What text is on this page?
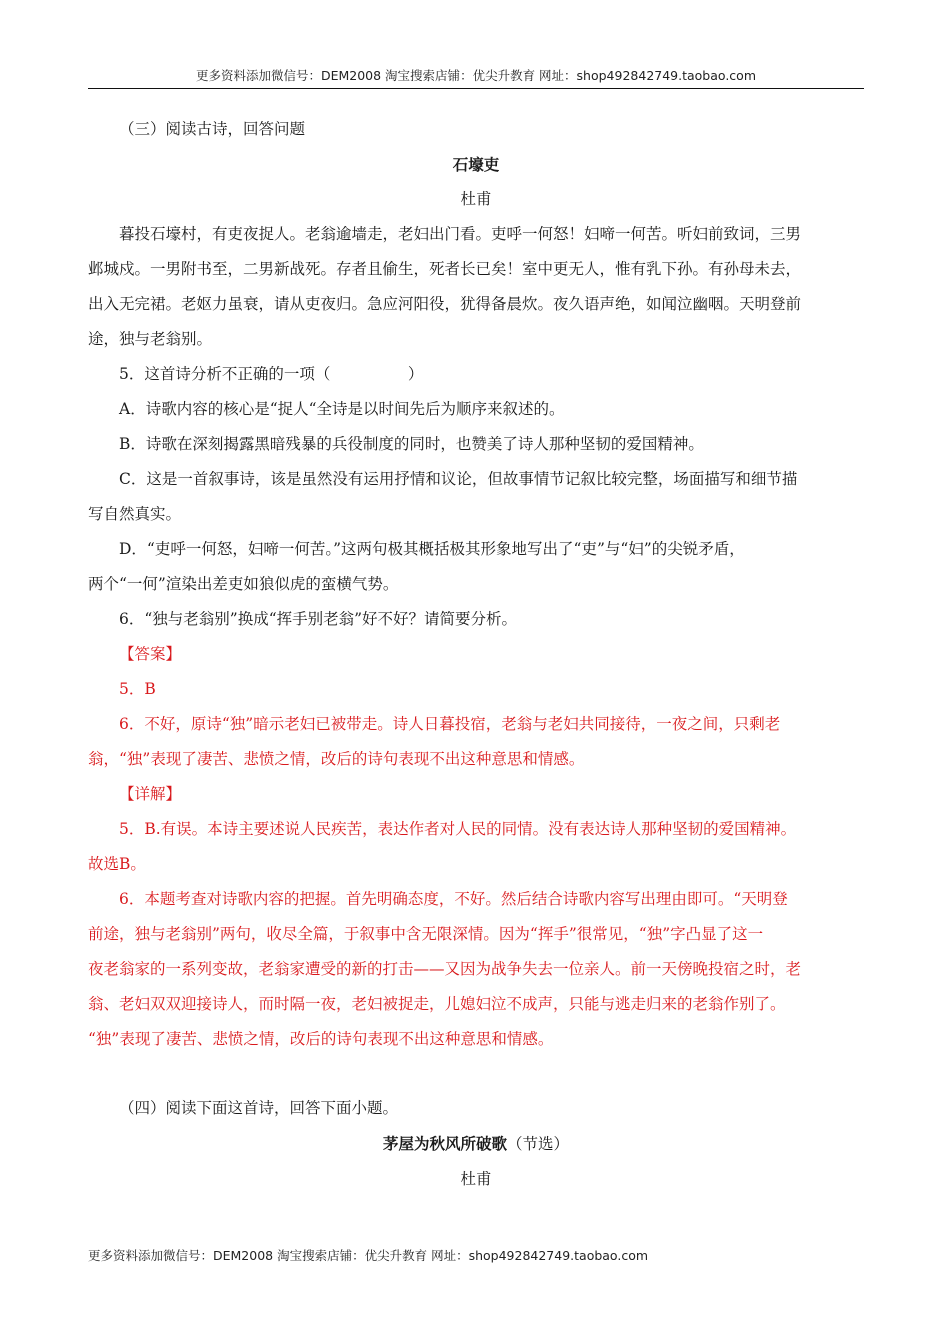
更多资料添加微信号：DEM2008 淘宝搜索店铺：优尖升教育 网址：shop492842749.taobao.com

（三）阅读古诗，回答问题

石壕吏

杜甫

暮投石壕村，有吏夜捉人。老翁逾墙走，老妇出门看。吏呼一何怒！妇啼一何苦。听妇前致词，三男

邺城戍。一男附书至，二男新战死。存者且偷生，死者长已矣！室中更无人，惟有乳下孙。有孙母未去，

出入无完裙。老妪力虽衰，请从吏夜归。急应河阳役，犹得备晨炊。夜久语声绝，如闻泣幽咽。天明登前

途，独与老翁别。

5．这首诗分析不正确的一项（　　　　　）

A．诗歌内容的核心是“捉人“全诗是以时间先后为顺序来叙述的。

B．诗歌在深刻揭露黑暗残暴的兵役制度的同时，也赞美了诗人那种坚韧的爱国精神。

C．这是一首叙事诗，该是虽然没有运用抒情和议论，但故事情节记叙比较完整，场面描写和细节描

写自然真实。

D．“吏呼一何怒，妇啼一何苦。”这两句极其概括极其形象地写出了“吏”与“妇”的尖锐矛盾，

两个“一何”渲染出差吏如狼似虎的蛮横气势。

6．“独与老翁别”换成“挥手别老翁”好不好？请简要分析。

【答案】

5．B

6．不好，原诗“独”暗示老妇已被带走。诗人日暮投宿，老翁与老妇共同接待，一夜之间，只剩老

翁，“独”表现了凄苦、悲愤之情，改后的诗句表现不出这种意思和情感。

【详解】

5．B.有误。本诗主要述说人民疾苦，表达作者对人民的同情。没有表达诗人那种坚韧的爱国精神。

故选B。

6．本题考查对诗歌内容的把握。首先明确态度，不好。然后结合诗歌内容写出理由即可。“天明登

前途，独与老翁别”两句，收尽全篇，于叙事中含无限深情。因为“挥手”很常见，“独”字凸显了这一

夜老翁家的一系列变故，老翁家遭受的新的打击——又因为战争失去一位亲人。前一天傍晚投宿之时，老

翁、老妇双双迎接诗人，而时隔一夜，老妇被捉走，儿媳妇泣不成声，只能与逃走归来的老翁作别了。

“独”表现了凄苦、悲愤之情，改后的诗句表现不出这种意思和情感。

（四）阅读下面这首诗，回答下面小题。

茅屋为秋风所破歌（节选）

杜甫

更多资料添加微信号：DEM2008 淘宝搜索店铺：优尖升教育 网址：shop492842749.taobao.com
